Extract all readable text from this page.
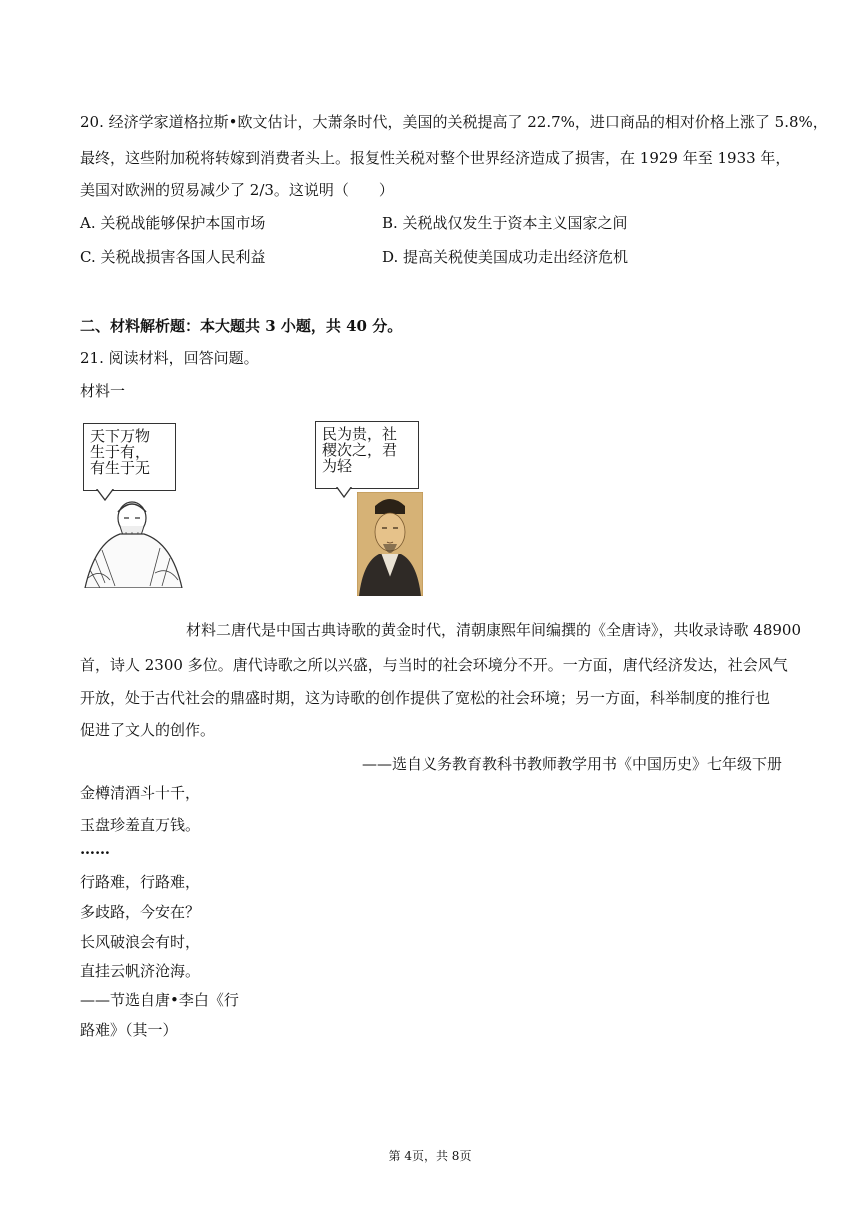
20. 经济学家道格拉斯•欧文估计，大萧条时代，美国的关税提高了 22.7%，进口商品的相对价格上涨了 5.8%，
最终，这些附加税将转嫁到消费者头上。报复性关税对整个世界经济造成了损害，在 1929 年至 1933 年，
美国对欧洲的贸易减少了 2/3。这说明（　　）
A. 关税战能够保护本国市场	B. 关税战仅发生于资本主义国家之间
C. 关税战损害各国人民利益	D. 提高关税使美国成功走出经济危机
二、材料解析题：本大题共 3 小题，共 40 分。
21. 阅读材料，回答问题。
材料一
天下万物
生于有，
有生于无
民为贵，社
稷次之，君
为轻
材料二唐代是中国古典诗歌的黄金时代，清朝康熙年间编撰的《全唐诗》，共收录诗歌 48900
首，诗人 2300 多位。唐代诗歌之所以兴盛，与当时的社会环境分不开。一方面，唐代经济发达，社会风气
开放，处于古代社会的鼎盛时期，这为诗歌的创作提供了宽松的社会环境；另一方面，科举制度的推行也
促进了文人的创作。
——选自义务教育教科书教师教学用书《中国历史》七年级下册
金樽清酒斗十千，
玉盘珍羞直万钱。
……
行路难，行路难，
多歧路，今安在？
长风破浪会有时，
直挂云帆济沧海。
——节选自唐•李白《行
路难》（其一）
第 4页，共 8页
